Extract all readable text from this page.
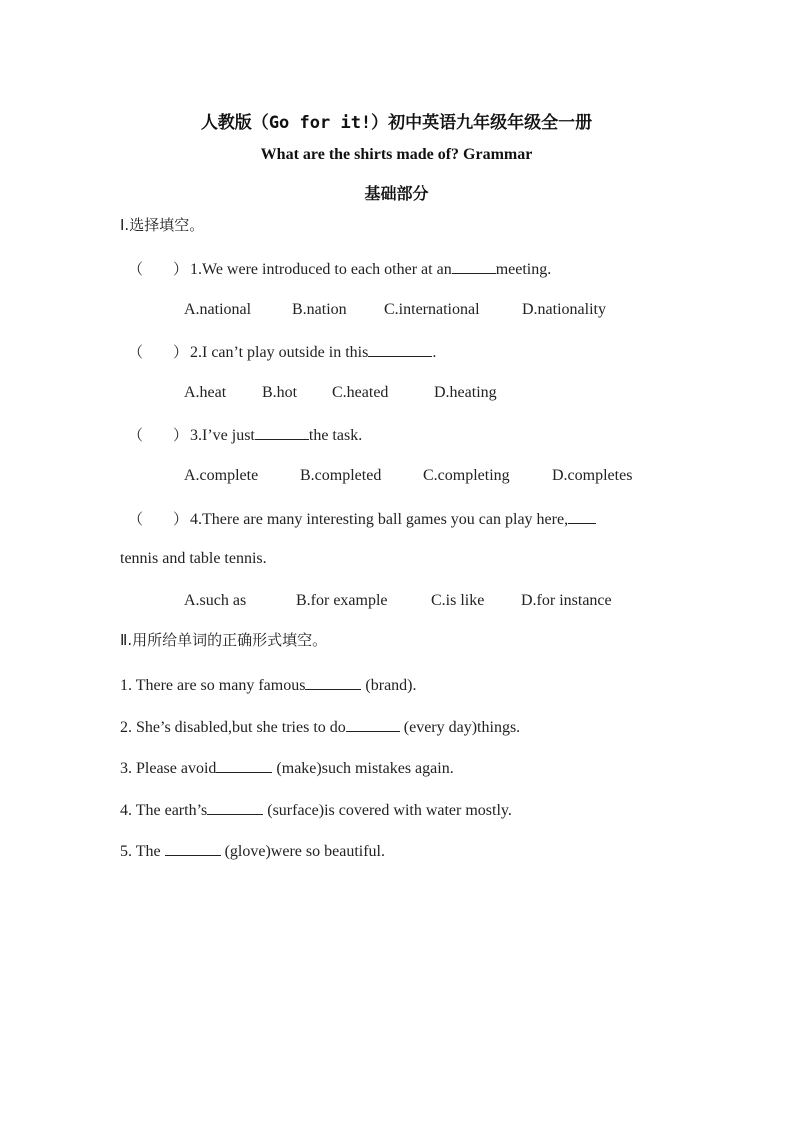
人教版（Go for it!）初中英语九年级年级全一册
What are the shirts made of? Grammar
基础部分
Ⅰ.选择填空。
（ ） 1.We were introduced to each other at an	meeting.
A.national	B.nation C.international	D.nationality
（ ） 2.I can’t play outside in this	.
A.heat B.hot C.heated	D.heating
（ ） 3.I’ve just	the task.
A.complete	B.completed	C.completing	D.completes
（ ） 4.There are many interesting ball games you can play here,
tennis and table tennis.
A.such as	B.for example	C.is like D.for instance
Ⅱ.用所给单词的正确形式填空。
1. There are so many famous	(brand).
2. She’s disabled,but she tries to do	(every day)things.
3. Please avoid	(make)such mistakes again.
4. The earth’s	(surface)is covered with water mostly.
5. The	(glove)were so beautiful.
